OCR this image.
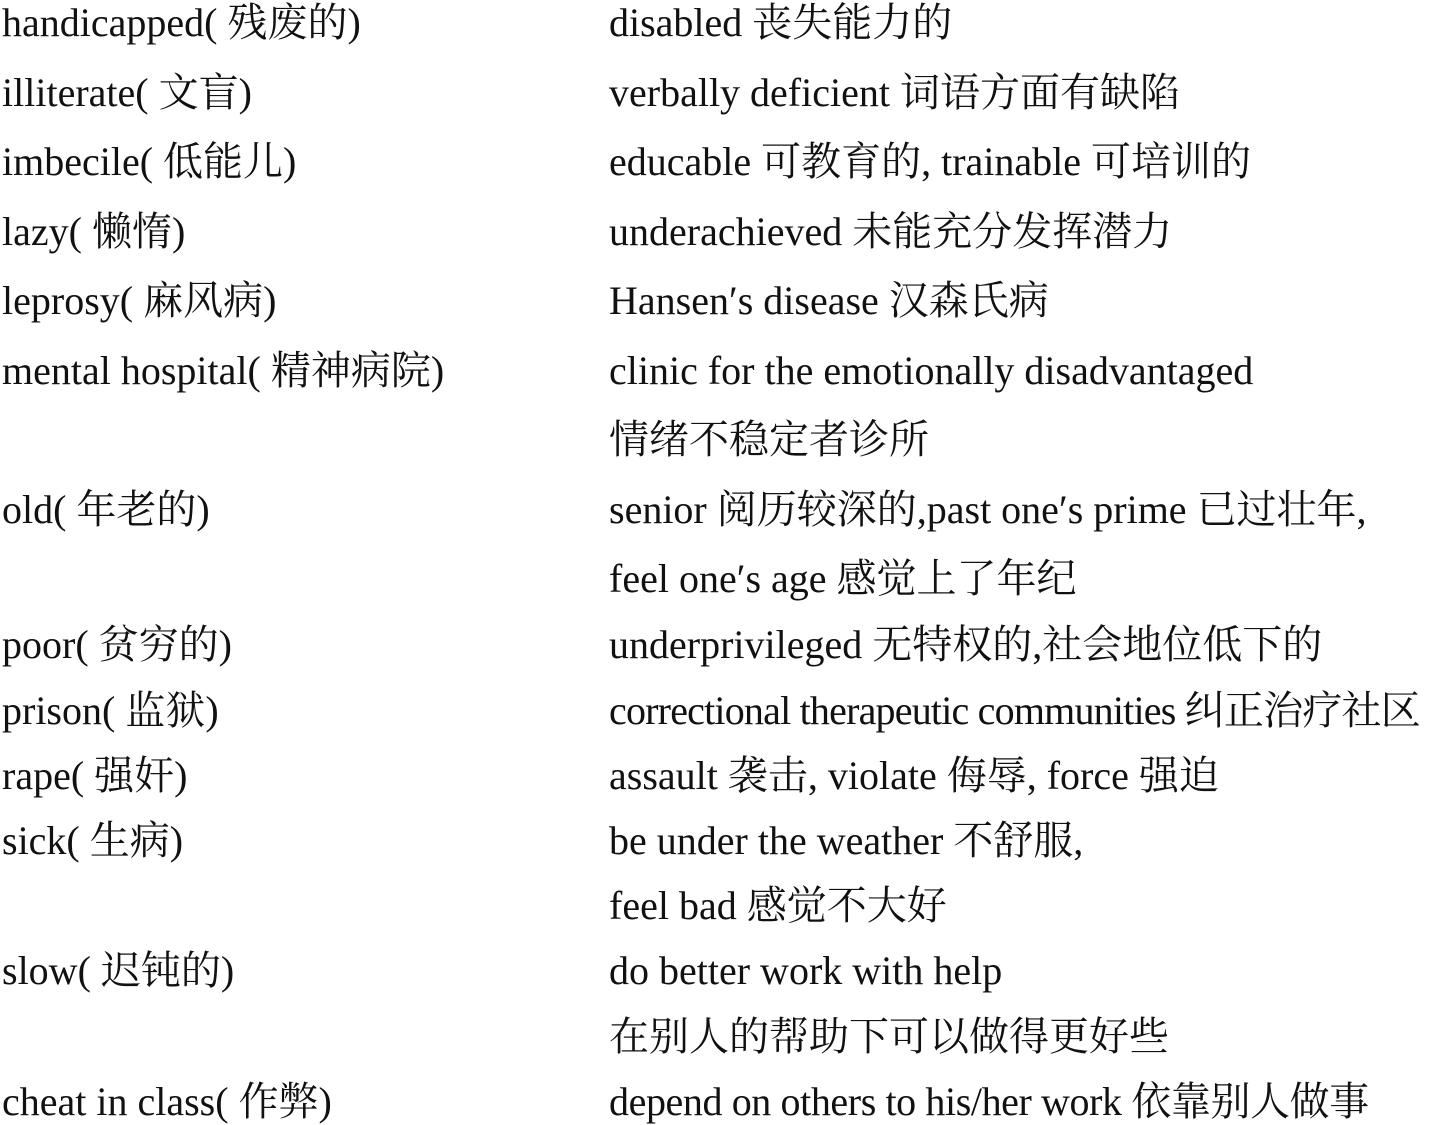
handicapped( 残废的)	disabled 丧失能力的
illiterate( 文盲)	verbally deficient 词语方面有缺陷
imbecile( 低能儿)	educable 可教育的, trainable 可培训的
lazy( 懒惰)	underachieved 未能充分发挥潜力
leprosy( 麻风病)	Hansen′s disease 汉森氏病
mental hospital( 精神病院)	clinic for the emotionally disadvantaged
情绪不稳定者诊所
old( 年老的)	senior 阅历较深的,past one′s prime 已过壮年,
feel one′s age 感觉上了年纪
poor( 贫穷的)	underprivileged 无特权的,社会地位低下的
prison( 监狱)	correctional therapeutic communities 纠正治疗社区
rape( 强奸)	assault 袭击, violate 侮辱, force 强迫
sick( 生病)	be under the weather 不舒服,
feel bad 感觉不大好
slow( 迟钝的)	do better work with help
在别人的帮助下可以做得更好些
cheat in class( 作弊)	depend on others to his/her work 依靠别人做事
